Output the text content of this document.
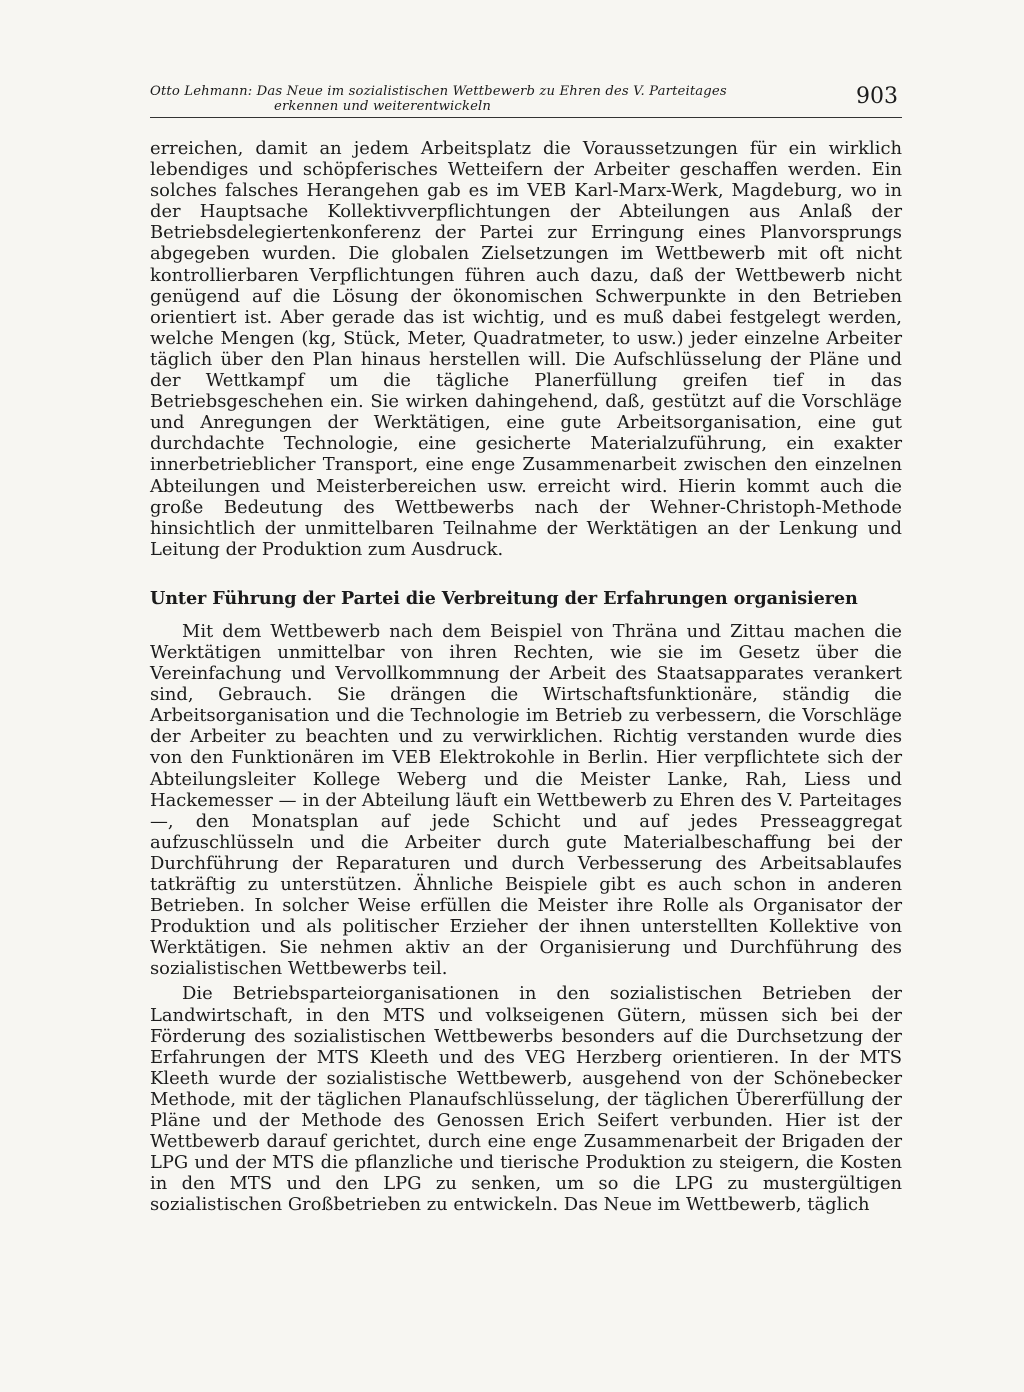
Otto Lehmann: Das Neue im sozialistischen Wettbewerb zu Ehren des V. Parteitages
erkennen und weiterentwickeln	903

erreichen, damit an jedem Arbeitsplatz die Voraussetzungen für ein wirklich lebendiges und schöpferisches Wetteifern der Arbeiter geschaffen werden. Ein solches falsches Herangehen gab es im VEB Karl-Marx-Werk, Magdeburg, wo in der Hauptsache Kollektivverpflichtungen der Abteilungen aus Anlaß der Betriebsdelegiertenkonferenz der Partei zur Erringung eines Planvorsprungs abgegeben wurden. Die globalen Zielsetzungen im Wettbewerb mit oft nicht kontrollierbaren Verpflichtungen führen auch dazu, daß der Wettbewerb nicht genügend auf die Lösung der ökonomischen Schwerpunkte in den Betrieben orientiert ist. Aber gerade das ist wichtig, und es muß dabei festgelegt werden, welche Mengen (kg, Stück, Meter, Quadratmeter, to usw.) jeder einzelne Arbeiter täglich über den Plan hinaus herstellen will. Die Aufschlüsselung der Pläne und der Wettkampf um die tägliche Planerfüllung greifen tief in das Betriebsgeschehen ein. Sie wirken dahingehend, daß, gestützt auf die Vorschläge und Anregungen der Werktätigen, eine gute Arbeitsorganisation, eine gut durchdachte Technologie, eine gesicherte Materialzuführung, ein exakter innerbetrieblicher Transport, eine enge Zusammenarbeit zwischen den einzelnen Abteilungen und Meisterbereichen usw. erreicht wird. Hierin kommt auch die große Bedeutung des Wettbewerbs nach der Wehner-Christoph-Methode hinsichtlich der unmittelbaren Teilnahme der Werktätigen an der Lenkung und Leitung der Produktion zum Ausdruck.

Unter Führung der Partei die Verbreitung der Erfahrungen organisieren

Mit dem Wettbewerb nach dem Beispiel von Thräna und Zittau machen die Werktätigen unmittelbar von ihren Rechten, wie sie im Gesetz über die Vereinfachung und Vervollkommnung der Arbeit des Staatsapparates verankert sind, Gebrauch. Sie drängen die Wirtschaftsfunktionäre, ständig die Arbeitsorganisation und die Technologie im Betrieb zu verbessern, die Vorschläge der Arbeiter zu beachten und zu verwirklichen. Richtig verstanden wurde dies von den Funktionären im VEB Elektrokohle in Berlin. Hier verpflichtete sich der Abteilungsleiter Kollege Weberg und die Meister Lanke, Rah, Liess und Hackemesser — in der Abteilung läuft ein Wettbewerb zu Ehren des V. Parteitages —, den Monatsplan auf jede Schicht und auf jedes Presseaggregat aufzuschlüsseln und die Arbeiter durch gute Materialbeschaffung bei der Durchführung der Reparaturen und durch Verbesserung des Arbeitsablaufes tatkräftig zu unterstützen. Ähnliche Beispiele gibt es auch schon in anderen Betrieben. In solcher Weise erfüllen die Meister ihre Rolle als Organisator der Produktion und als politischer Erzieher der ihnen unterstellten Kollektive von Werktätigen. Sie nehmen aktiv an der Organisierung und Durchführung des sozialistischen Wettbewerbs teil.

Die Betriebsparteiorganisationen in den sozialistischen Betrieben der Landwirtschaft, in den MTS und volkseigenen Gütern, müssen sich bei der Förderung des sozialistischen Wettbewerbs besonders auf die Durchsetzung der Erfahrungen der MTS Kleeth und des VEG Herzberg orientieren. In der MTS Kleeth wurde der sozialistische Wettbewerb, ausgehend von der Schönebecker Methode, mit der täglichen Planaufschlüsselung, der täglichen Übererfüllung der Pläne und der Methode des Genossen Erich Seifert verbunden. Hier ist der Wettbewerb darauf gerichtet, durch eine enge Zusammenarbeit der Brigaden der LPG und der MTS die pflanzliche und tierische Produktion zu steigern, die Kosten in den MTS und den LPG zu senken, um so die LPG zu mustergültigen sozialistischen Großbetrieben zu entwickeln. Das Neue im Wettbewerb, täglich
